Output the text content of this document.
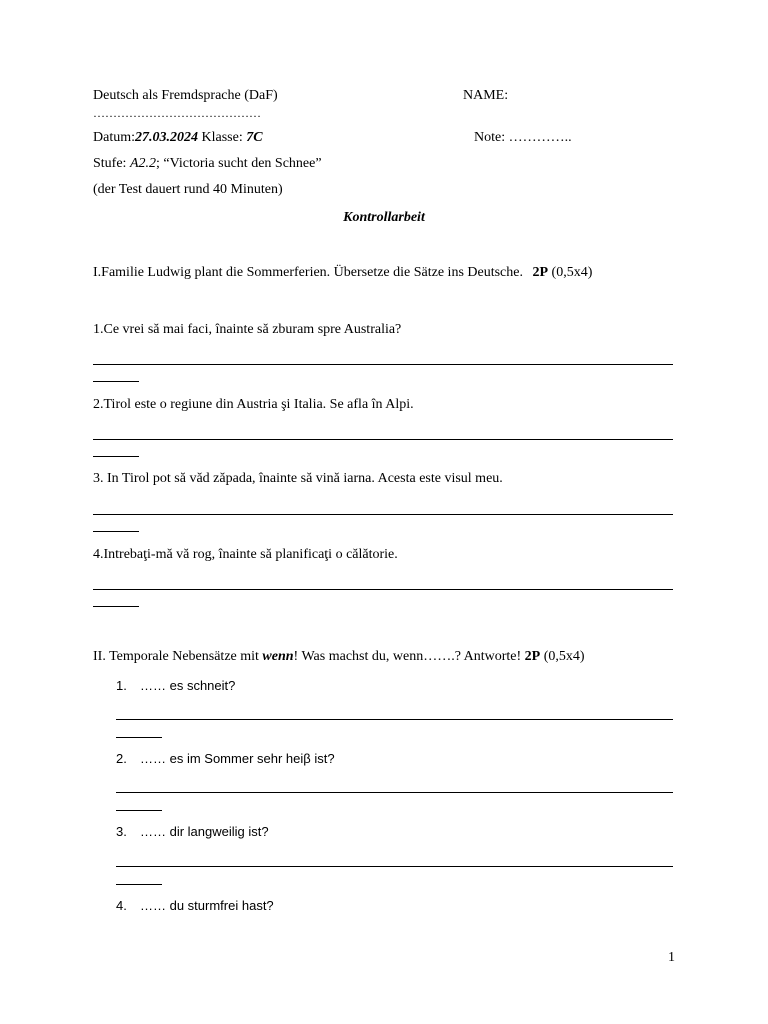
Deutsch als Fremdsprache (DaF)	NAME:
……………………………………
Datum:27.03.2024 Klasse: 7C	Note: …………..
Stufe: A2.2; “Victoria sucht den Schnee”
(der Test dauert rund 40 Minuten)
Kontrollarbeit
I.Familie Ludwig plant die Sommerferien. Übersetze die Sätze ins Deutsche. 2P (0,5x4)
1.Ce vrei să mai faci, înainte să zburam spre Australia?
2.Tirol este o regiune din Austria şi Italia. Se afla în Alpi.
3. In Tirol pot să văd zăpada, înainte să vină iarna. Acesta este visul meu.
4.Intrebaţi-mă vă rog, înainte să planificaţi o călătorie.
II. Temporale Nebensätze mit wenn! Was machst du, wenn…….? Antworte! 2P (0,5x4)
1. …… es schneit?
2. …… es im Sommer sehr heiβ ist?
3. …… dir langweilig ist?
4. …… du sturmfrei hast?
1
